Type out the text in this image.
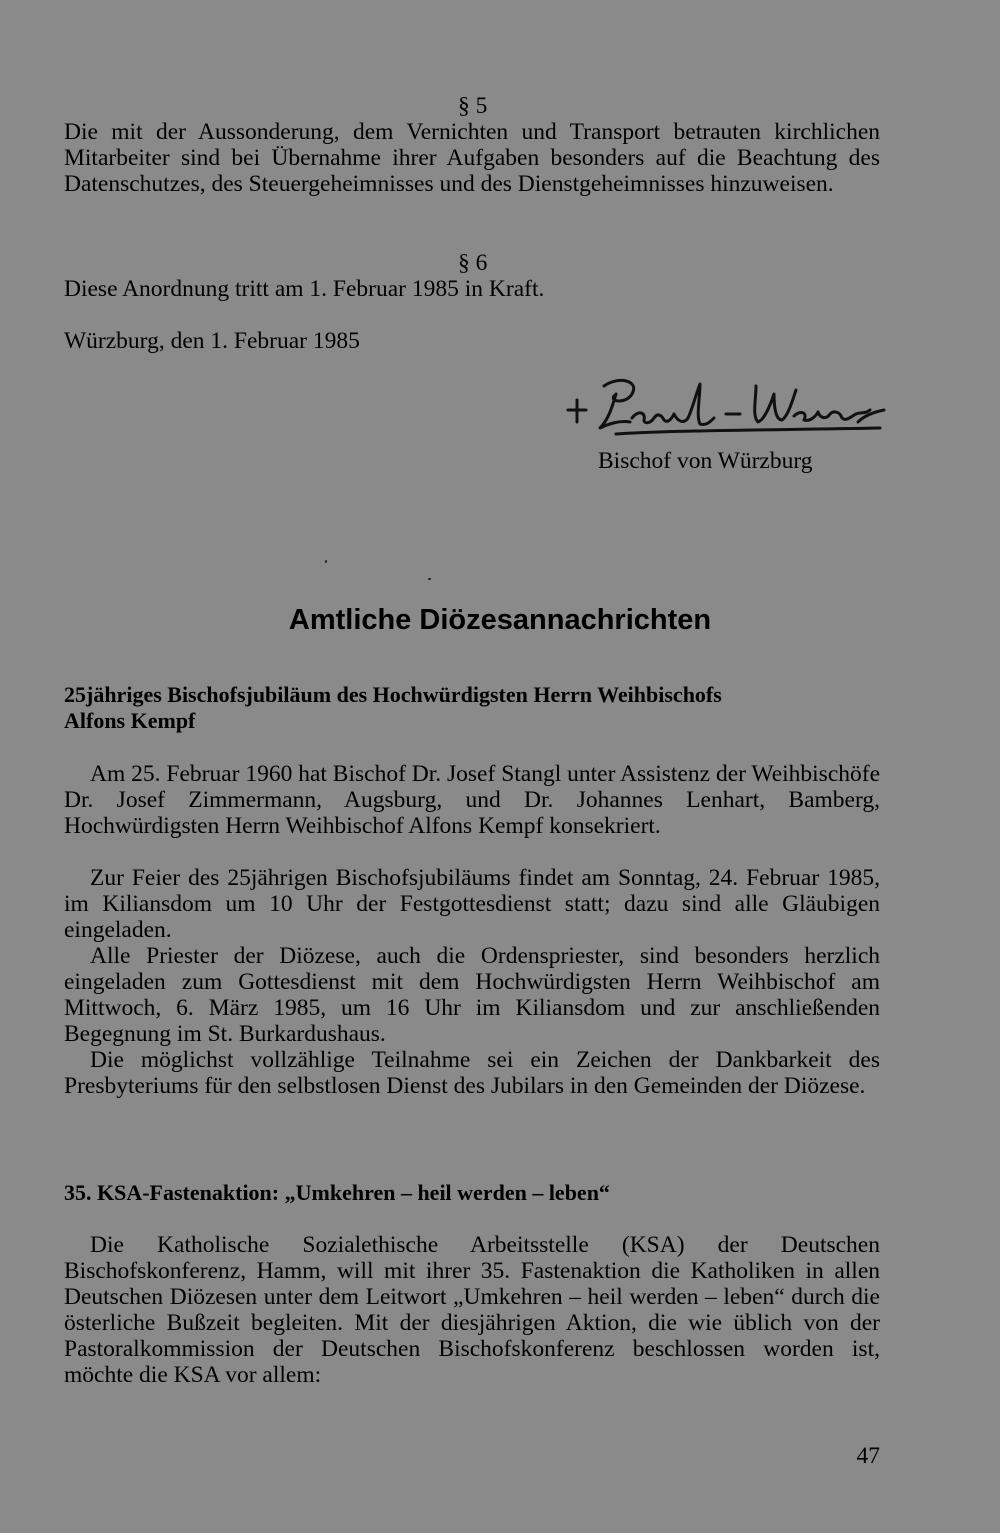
§ 5

Die mit der Aussonderung, dem Vernichten und Transport betrauten kirchlichen Mitarbeiter sind bei Übernahme ihrer Aufgaben besonders auf die Beachtung des Datenschutzes, des Steuergeheimnisses und des Dienstgeheimnisses hinzuweisen.

§ 6

Diese Anordnung tritt am 1. Februar 1985 in Kraft.

Würzburg, den 1. Februar 1985

Bischof von Würzburg

Amtliche Diözesannachrichten

25jähriges Bischofsjubiläum des Hochwürdigsten Herrn Weihbischofs

Alfons Kempf

Am 25. Februar 1960 hat Bischof Dr. Josef Stangl unter Assistenz der Weihbischöfe Dr. Josef Zimmermann, Augsburg, und Dr. Johannes Lenhart, Bamberg, Hochwürdigsten Herrn Weihbischof Alfons Kempf konsekriert.

Zur Feier des 25jährigen Bischofsjubiläums findet am Sonntag, 24. Februar 1985, im Kiliansdom um 10 Uhr der Festgottesdienst statt; dazu sind alle Gläubigen eingeladen.

Alle Priester der Diözese, auch die Ordenspriester, sind besonders herzlich eingeladen zum Gottesdienst mit dem Hochwürdigsten Herrn Weihbischof am Mittwoch, 6. März 1985, um 16 Uhr im Kiliansdom und zur anschließenden Begegnung im St. Burkardushaus.

Die möglichst vollzählige Teilnahme sei ein Zeichen der Dankbarkeit des Presbyteriums für den selbstlosen Dienst des Jubilars in den Gemeinden der Diözese.

35. KSA-Fastenaktion: „Umkehren – heil werden – leben“

Die Katholische Sozialethische Arbeitsstelle (KSA) der Deutschen Bischofskonferenz, Hamm, will mit ihrer 35. Fastenaktion die Katholiken in allen Deutschen Diözesen unter dem Leitwort „Umkehren – heil werden – leben“ durch die österliche Bußzeit begleiten. Mit der diesjährigen Aktion, die wie üblich von der Pastoralkommission der Deutschen Bischofskonferenz beschlossen worden ist, möchte die KSA vor allem:

47
